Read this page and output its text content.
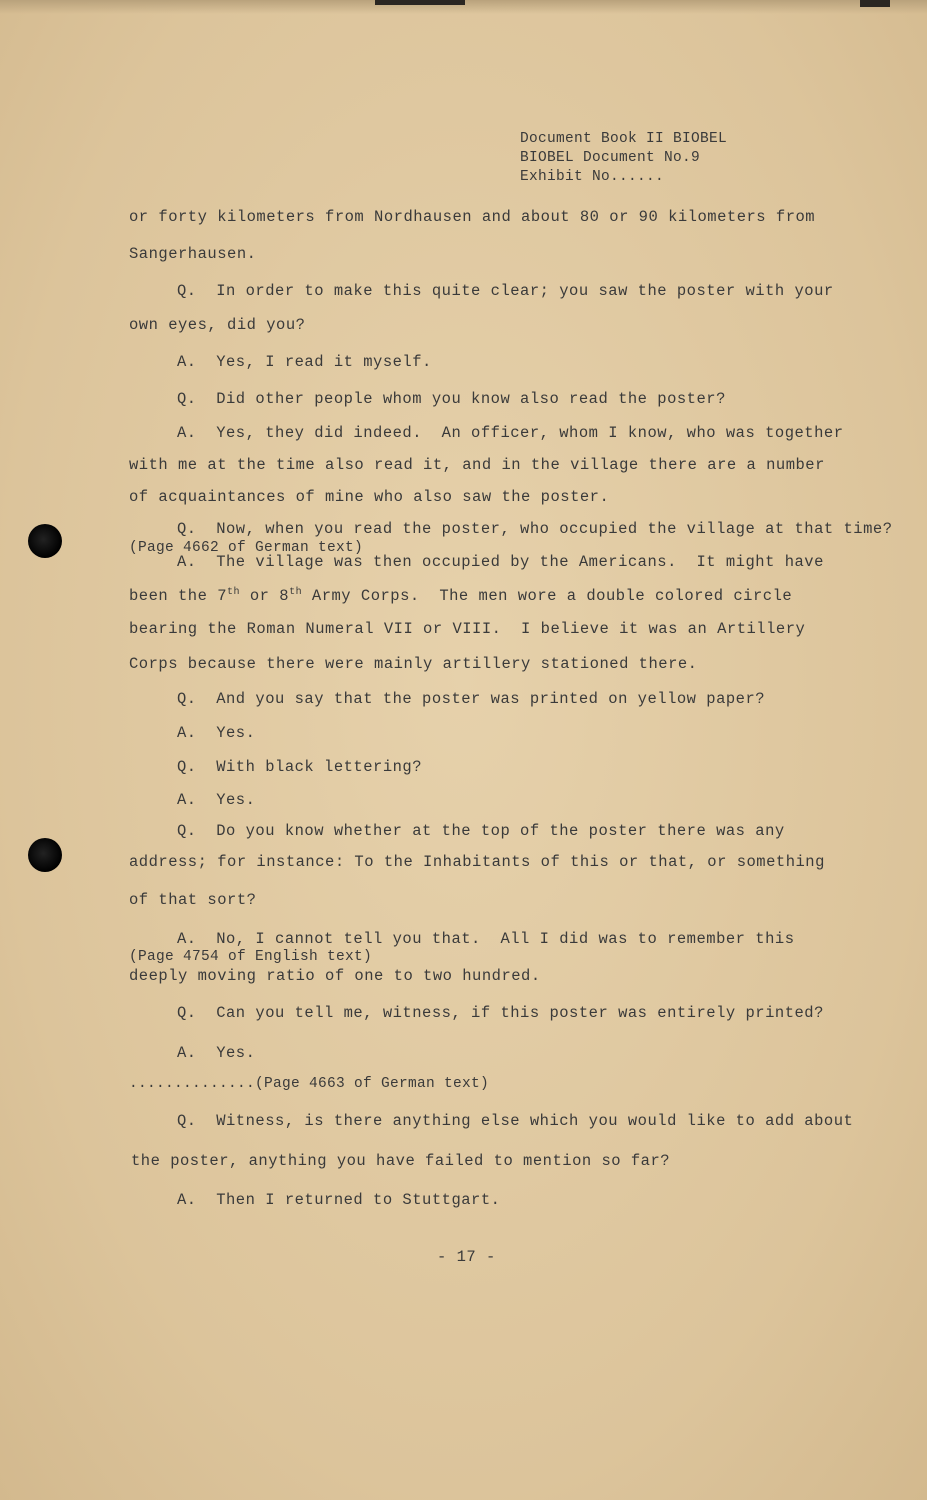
Document Book II BIOBEL
BIOBEL Document No.9
Exhibit No......
or forty kilometers from Nordhausen and about 80 or 90 kilometers from
Sangerhausen.
Q.  In order to make this quite clear; you saw the poster with your
own eyes, did you?
A.  Yes, I read it myself.
Q.  Did other people whom you know also read the poster?
A.  Yes, they did indeed.  An officer, whom I know, who was together
with me at the time also read it, and in the village there are a number
of acquaintances of mine who also saw the poster.
Q.  Now, when you read the poster, who occupied the village at that time?
(Page 4662 of German text)
A.  The village was then occupied by the Americans.  It might have
been the 7th or 8th Army Corps.  The men wore a double colored circle
bearing the Roman Numeral VII or VIII.  I believe it was an Artillery
Corps because there were mainly artillery stationed there.
Q.  And you say that the poster was printed on yellow paper?
A.  Yes.
Q.  With black lettering?
A.  Yes.
Q.  Do you know whether at the top of the poster there was any
address; for instance: To the Inhabitants of this or that, or something
of that sort?
A.  No, I cannot tell you that.  All I did was to remember this
(Page 4754 of English text)
deeply moving ratio of one to two hundred.
Q.  Can you tell me, witness, if this poster was entirely printed?
A.  Yes.
..............(Page 4663 of German text)
Q.  Witness, is there anything else which you would like to add about
the poster, anything you have failed to mention so far?
A.  Then I returned to Stuttgart.
- 17 -
